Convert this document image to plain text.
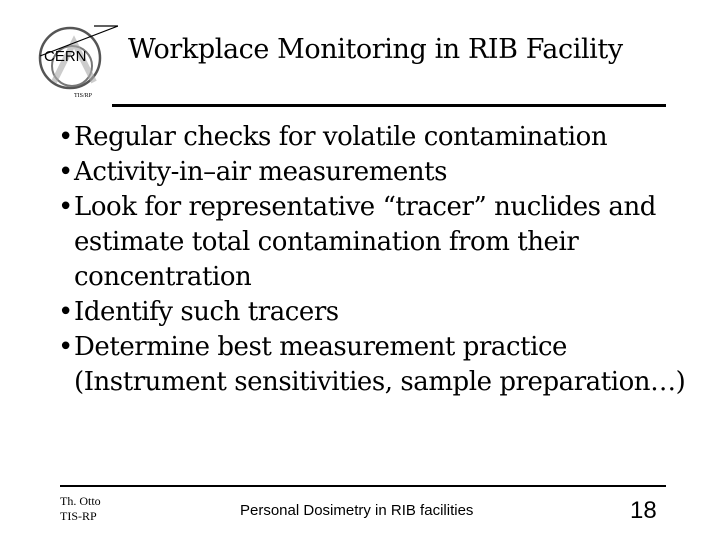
CERN
TIS/RP
Workplace Monitoring in RIB Facility
• Regular checks for volatile contamination
• Activity-in–air measurements
• Look for representative “tracer” nuclides and estimate total contamination from their concentration
• Identify such tracers
• Determine best measurement practice (Instrument sensitivities, sample preparation…)
Th. Otto
TIS-RP	Personal Dosimetry in RIB facilities	18
